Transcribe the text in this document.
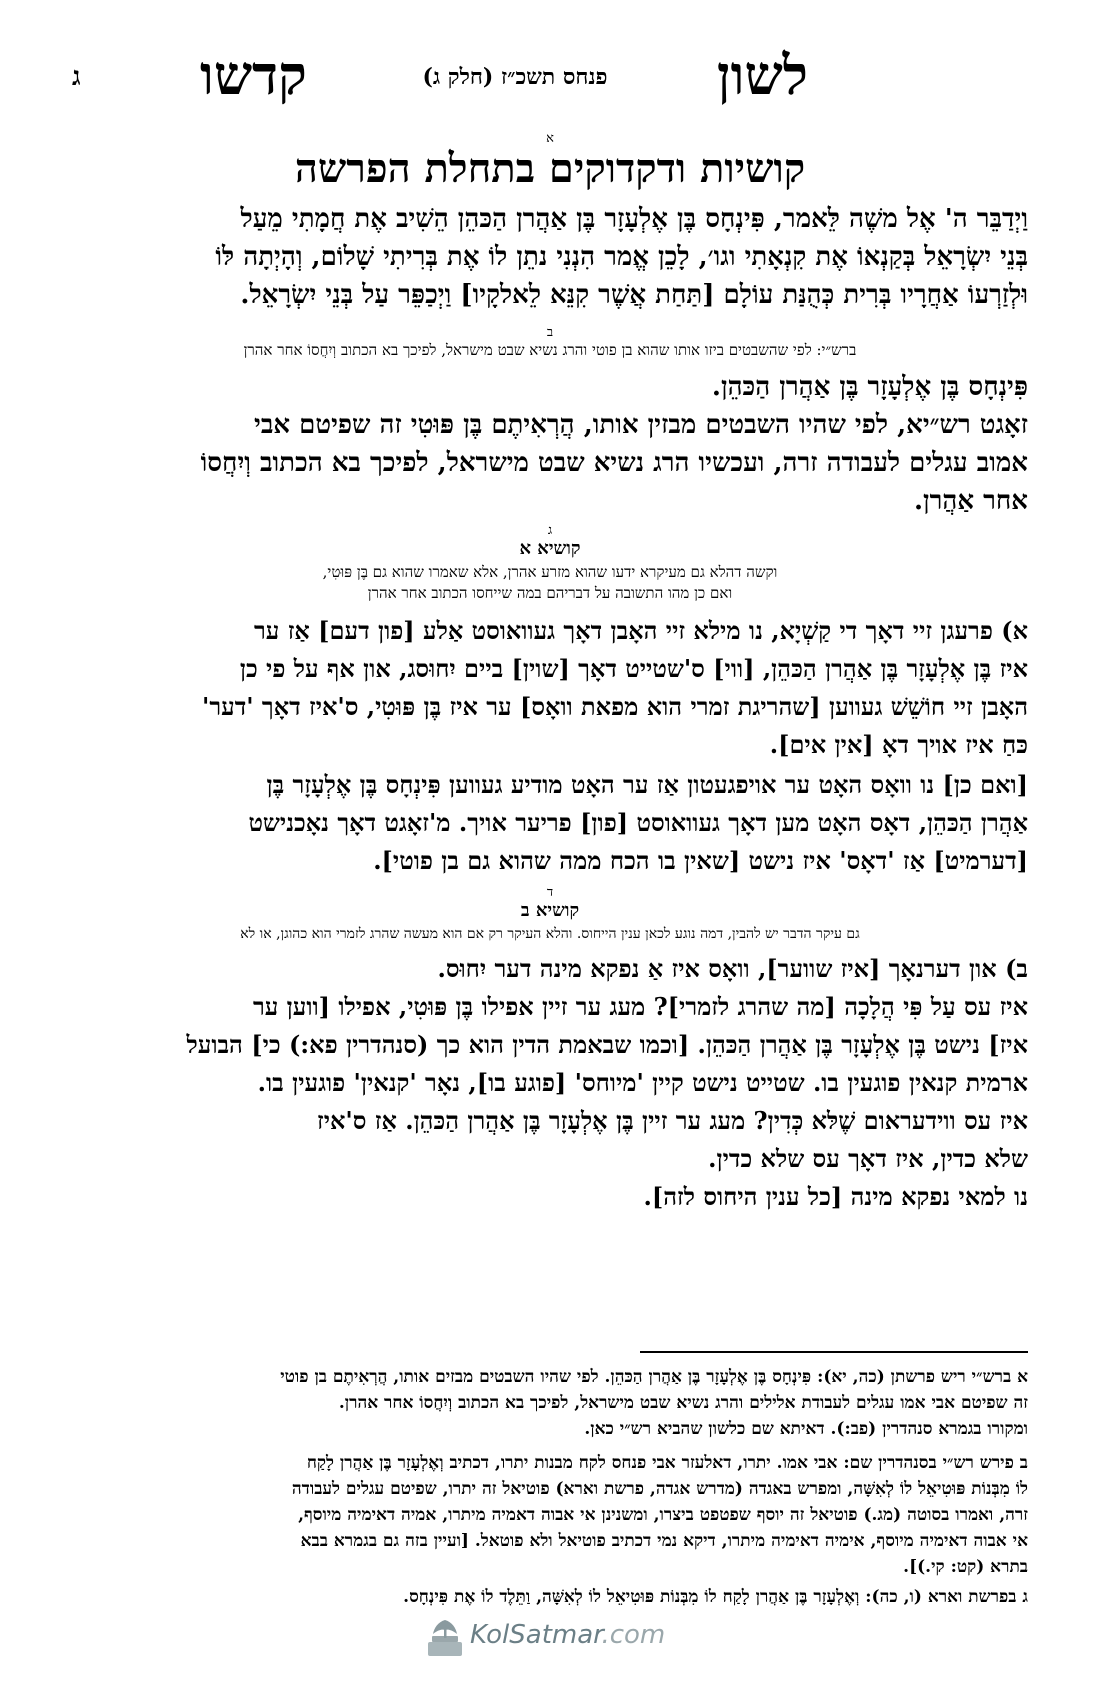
לשון
קדשו	פנחס תשכ״ז (חלק ג)
ג
א
קושיות ודקדוקים בתחלת הפרשה
וַיְדַבֵּר ה' אֶל משֶׁה לֵּאמר, פִּינְחָס בֶּן אֶלְעָזָר בֶּן אַהֲרן הַכּהֵן הֵשִׁיב אֶת חֲמָתִי מֵעַל
בְּנֵי יִשְׂרָאֵל בְּקַנְאוֹ אֶת קִנְאָתִי וגו׳, לָכֵן אֱמר הִנְנִי נתֵן לוֹ אֶת בְּרִיתִי שָׁלוֹם, וְהָיְתָה לּוֹ
וּלְזַרְעוֹ אַחֲרָיו בְּרִית כְּהֻנַּת עוֹלָם [תַּחַת אֲשֶׁר קִנֵּא לֵאלקָיו] וַיְכַפֵּר עַל בְּנֵי יִשְׂרָאֵל.
ב
ברש״י: לפי שהשבטים ביזו אותו שהוא בן פוטי והרג נשיא שבט מישראל, לפיכך בא הכתוב וְיִחֲסוֹ אחר אהרן
פִּינְחָס בֶּן אֶלְעָזָר בֶּן אַהֲרן הַכּהֵן.
זאָגט רש״יא, לפי שהיו השבטים מבזין אותו, הֲרְאִיתֶם בֶּן פּוּטִי זה שפיטם אבי
אמוב עגלים לעבודה זרה, ועכשיו הרג נשיא שבט מישראל, לפיכך בא הכתוב וְיִחֲסוֹ
אחר אַהֲרן.
ג
קושיא א
וקשה דהלא גם מעיקרא ידעו שהוא מזרע אהרן, אלא שאמרו שהוא גם בֶּן פּוּטִי,
ואם כן מהו התשובה על דבריהם במה שייחסו הכתוב אחר אהרן
א) פרעגן זיי דאָך די קַשְׁיָא, נו מילא זיי האָבן דאָך געוואוסט אַלע [פון דעם] אַז ער
איז בֶּן אֶלְעָזָר בֶּן אַהֲרן הַכּהֵן, [ווי] ס'שטייט דאָך [שוין] ביים יִחוּסג, און אף על פי כן
האָבן זיי חוֹשֵׁשׁ געווען [שהריגת זמרי הוא מפאת וואָס] ער איז בֶּן פּוּטִי, ס'איז דאָך 'דער'
כּחַ איז אויך דאָ [אין אים].
[ואם כן] נו וואָס האָט ער אויפגעטון אַז ער האָט מודיע געווען פִּינְחָס בֶּן אֶלְעָזָר בֶּן
אַהֲרן הַכּהֵן, דאָס האָט מען דאָך געוואוסט [פון] פריער אויך. מ'זאָגט דאָך נאָכנישט
[דערמיט] אַז 'דאָס' איז נישט [שאין בו הכח ממה שהוא גם בן פוטי].
ד
קושיא ב
גם עיקר הדבר יש להבין, דמה נוגע לכאן ענין הייחוס. והלא העיקר רק אם הוא מעשה שהרג לזמרי הוא כהוגן, או לא
ב) און דערנאָך [איז שווער], וואָס איז אַ נפקא מינה דער יִחוּס.
איז עס עַל פִּי הֲלָכָה [מה שהרג לזמרי]? מעג ער זיין אפילו בֶּן פּוּטִי, אפילו [ווען ער
איז] נישט בֶּן אֶלְעָזָר בֶּן אַהֲרן הַכּהֵן. [וכמו שבאמת הדין הוא כך (סנהדרין פא:) כי] הבועל
ארמית קנאין פוגעין בו. שטייט נישט קיין 'מיוחס' [פוגע בו], נאָר 'קנאין' פוגעין בו.
איז עס ווידעראום שֶׁלּא כְּדִין? מעג ער זיין בֶּן אֶלְעָזָר בֶּן אַהֲרן הַכּהֵן. אַז ס'איז
שלא כדין, איז דאָך עס שלא כדין.
נו למאי נפקא מינה [כל ענין היחוס לזה].
א ברש״י ריש פרשתן (כה, יא): פִּינְחָס בֶּן אֶלְעָזָר בֶּן אַהֲרן הַכּהֵן. לפי שהיו השבטים מבזים אותו, הֲרְאִיתֶם בן פוטי
זה שפיטם אבי אמו עגלים לעבודת אלילים והרג נשיא שבט מישראל, לפיכך בא הכתוב וְיִחֲסוֹ אחר אהרן.
ומקורו בגמרא סנהדרין (פב:). דאיתא שם כלשון שהביא רש״י כאן.
ב פירש רש״י בסנהדרין שם: אבי אמו. יתרו, דאלעזר אבי פנחס לקח מבנות יתרו, דכתיב וְאֶלְעָזָר בֶּן אַהֲרן לָקַח
לוֹ מִבְּנוֹת פּוּטִיאֵל לוֹ לְאִשָּׁה, ומפרש באגדה (מדרש אגדה, פרשת וארא) פוטיאל זה יתרו, שפיטם עגלים לעבודה
זרה, ואמרו בסוטה (מג.) פוטיאל זה יוסף שפטפט ביצרו, ומשנינן אי אבוה דאמיה מיתרו, אמיה דאימיה מיוסף,
אי אבוה דאימיה מיוסף, אימיה דאימיה מיתרו, דיקא נמי דכתיב פוטיאל ולא פוטאל. [ועיין בזה גם בגמרא בבא
בתרא (קט: קי.)].
ג בפרשת וארא (ו, כה): וְאֶלְעָזָר בֶּן אַהֲרן לָקַח לוֹ מִבְּנוֹת פּוּטִיאֵל לוֹ לְאִשָּׁה, וַתֵּלֶד לוֹ אֶת פִּינְחָס.
KolSatmar.com
